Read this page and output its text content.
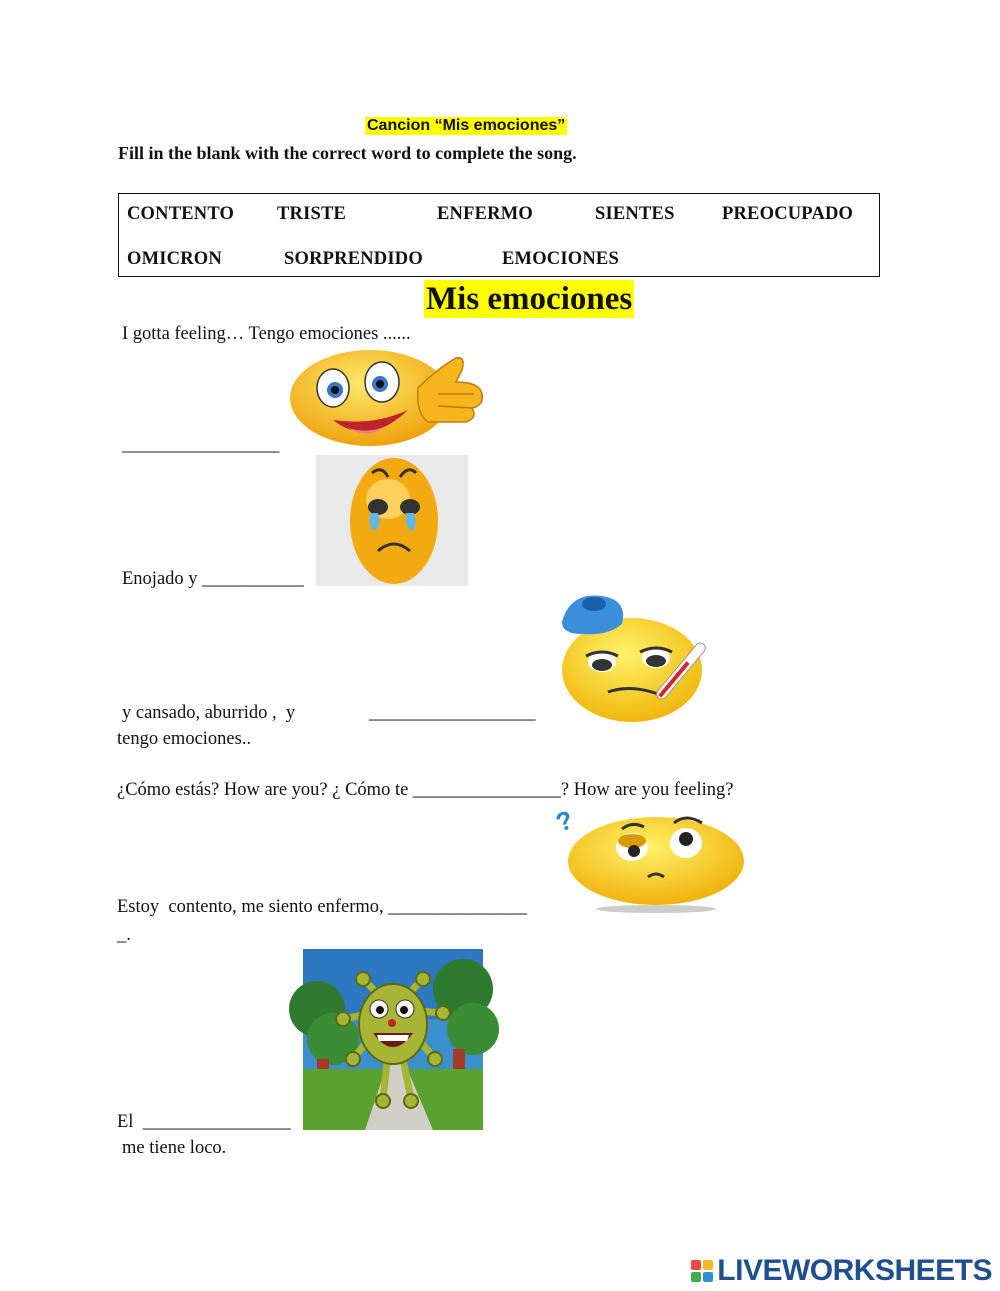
Cancion “Mis emociones”
Fill in the blank with the correct word to complete the song.
CONTENTO TRISTE	ENFERMO	SIENTES	PREOCUPADO
OMICRON	SORPRENDIDO	EMOCIONES
Mis emociones
I gotta feeling… Tengo emociones ......
_________________
Enojado y ___________
y cansado, aburrido ,  y	__________________
tengo emociones..
¿Cómo estás? How are you? ¿ Cómo te ________________? How are you feeling?
?
Estoy  contento, me siento enfermo, _______________
_.
El  ________________
me tiene loco.
LIVEWORKSHEETS
